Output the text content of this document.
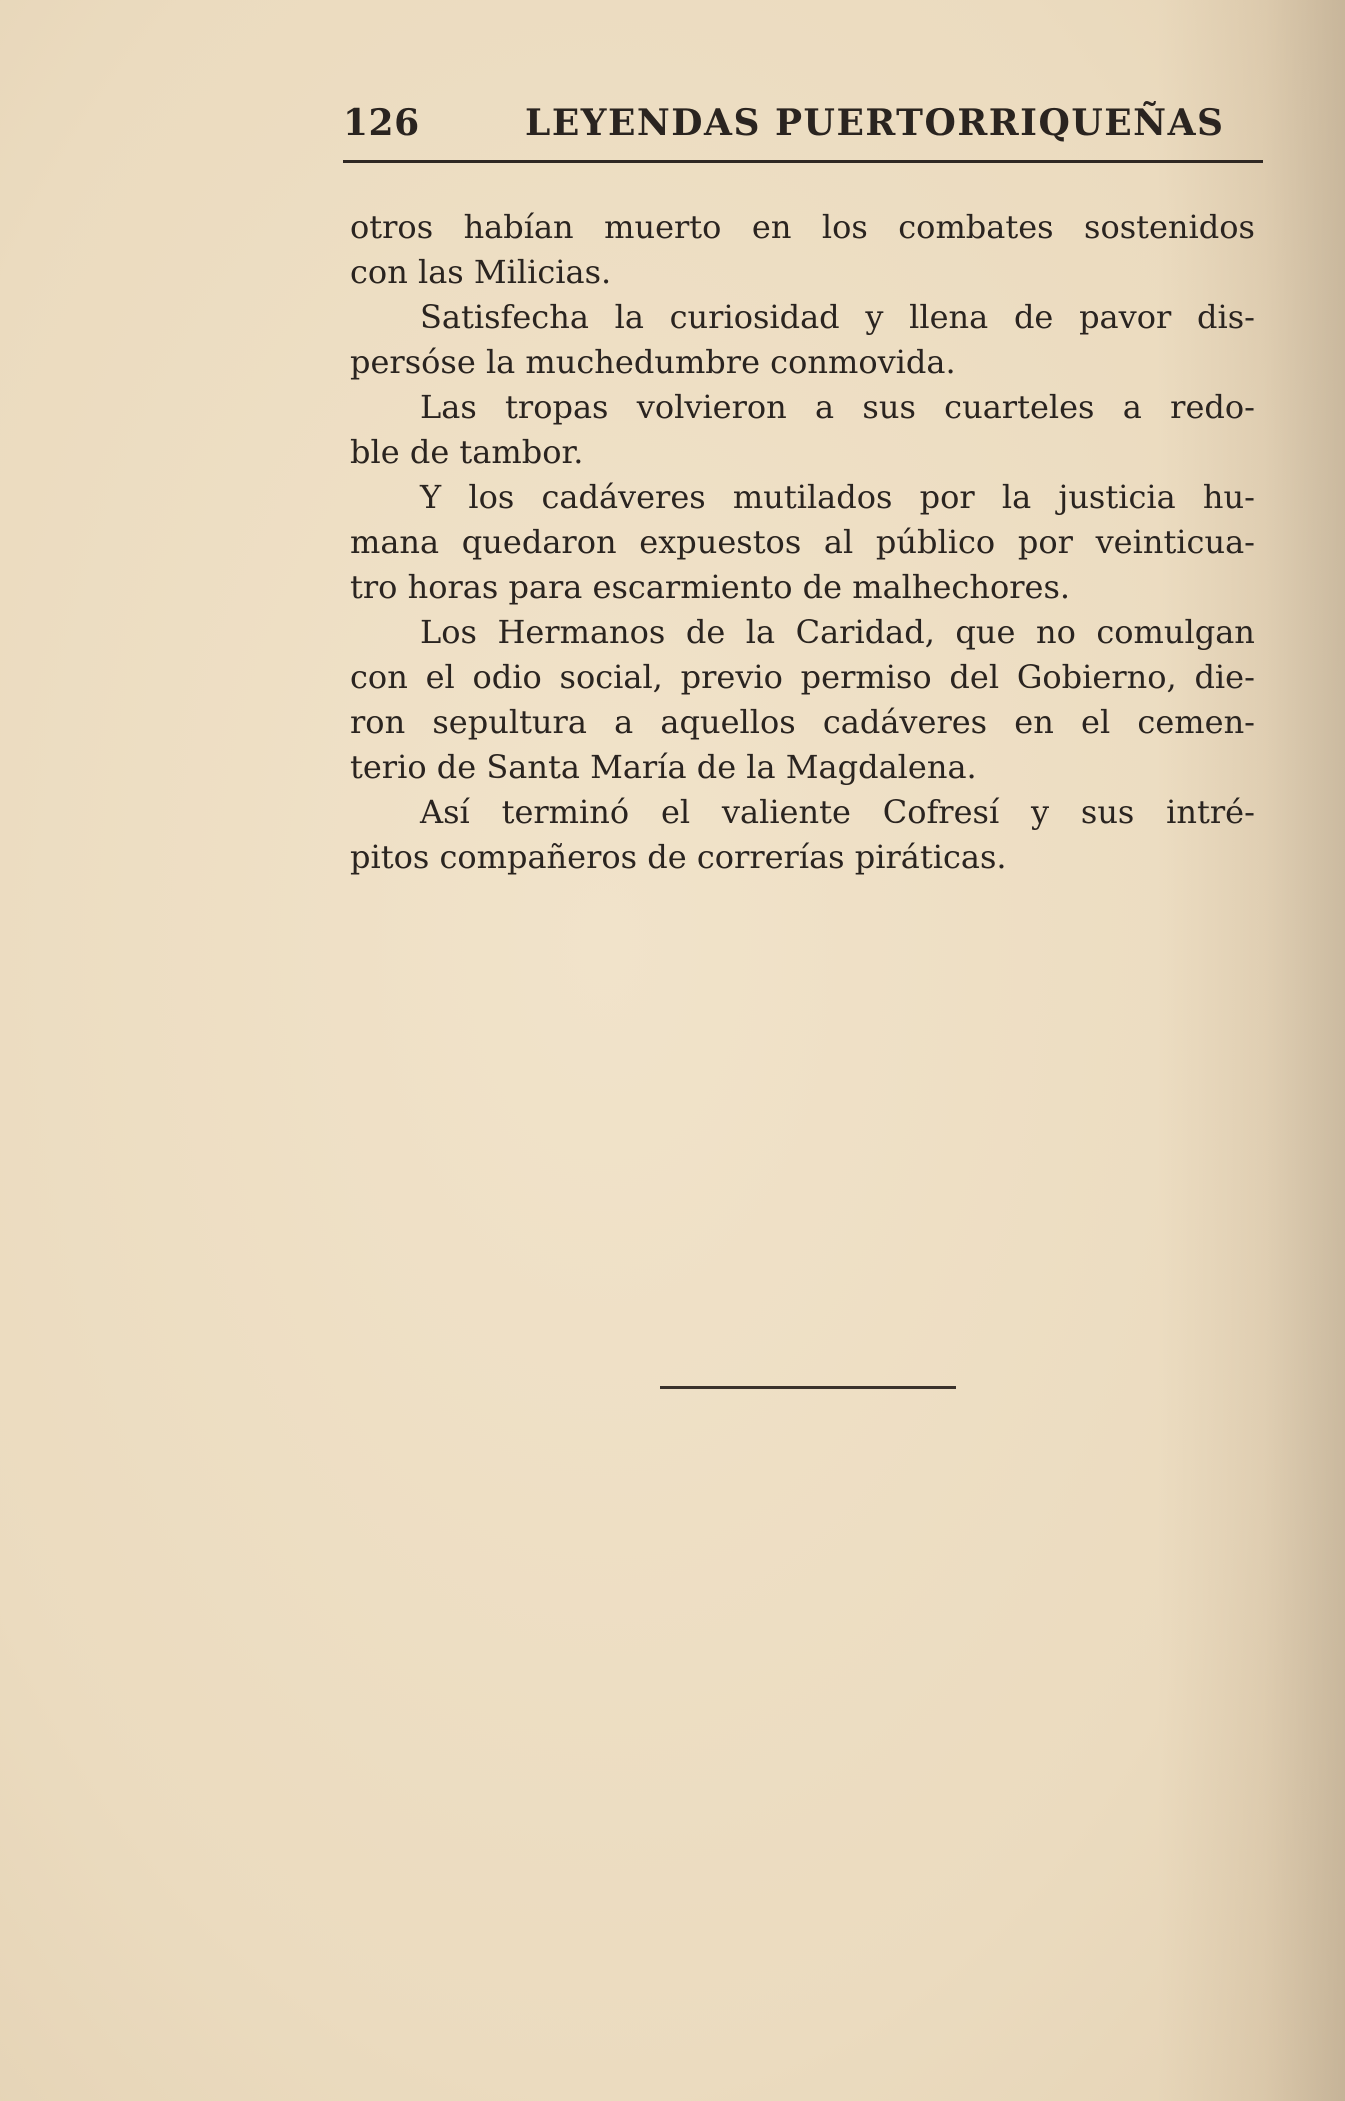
126	LEYENDAS PUERTORRIQUEÑAS
otros habían muerto en los combates sostenidos
con las Milicias.
Satisfecha la curiosidad y llena de pavor dis-
persóse la muchedumbre conmovida.
Las tropas volvieron a sus cuarteles a redo-
ble de tambor.
Y los cadáveres mutilados por la justicia hu-
mana quedaron expuestos al público por veinticua-
tro horas para escarmiento de malhechores.
Los Hermanos de la Caridad, que no comulgan
con el odio social, previo permiso del Gobierno, die-
ron sepultura a aquellos cadáveres en el cemen-
terio de Santa María de la Magdalena.
Así terminó el valiente Cofresí y sus intré-
pitos compañeros de correrías piráticas.
